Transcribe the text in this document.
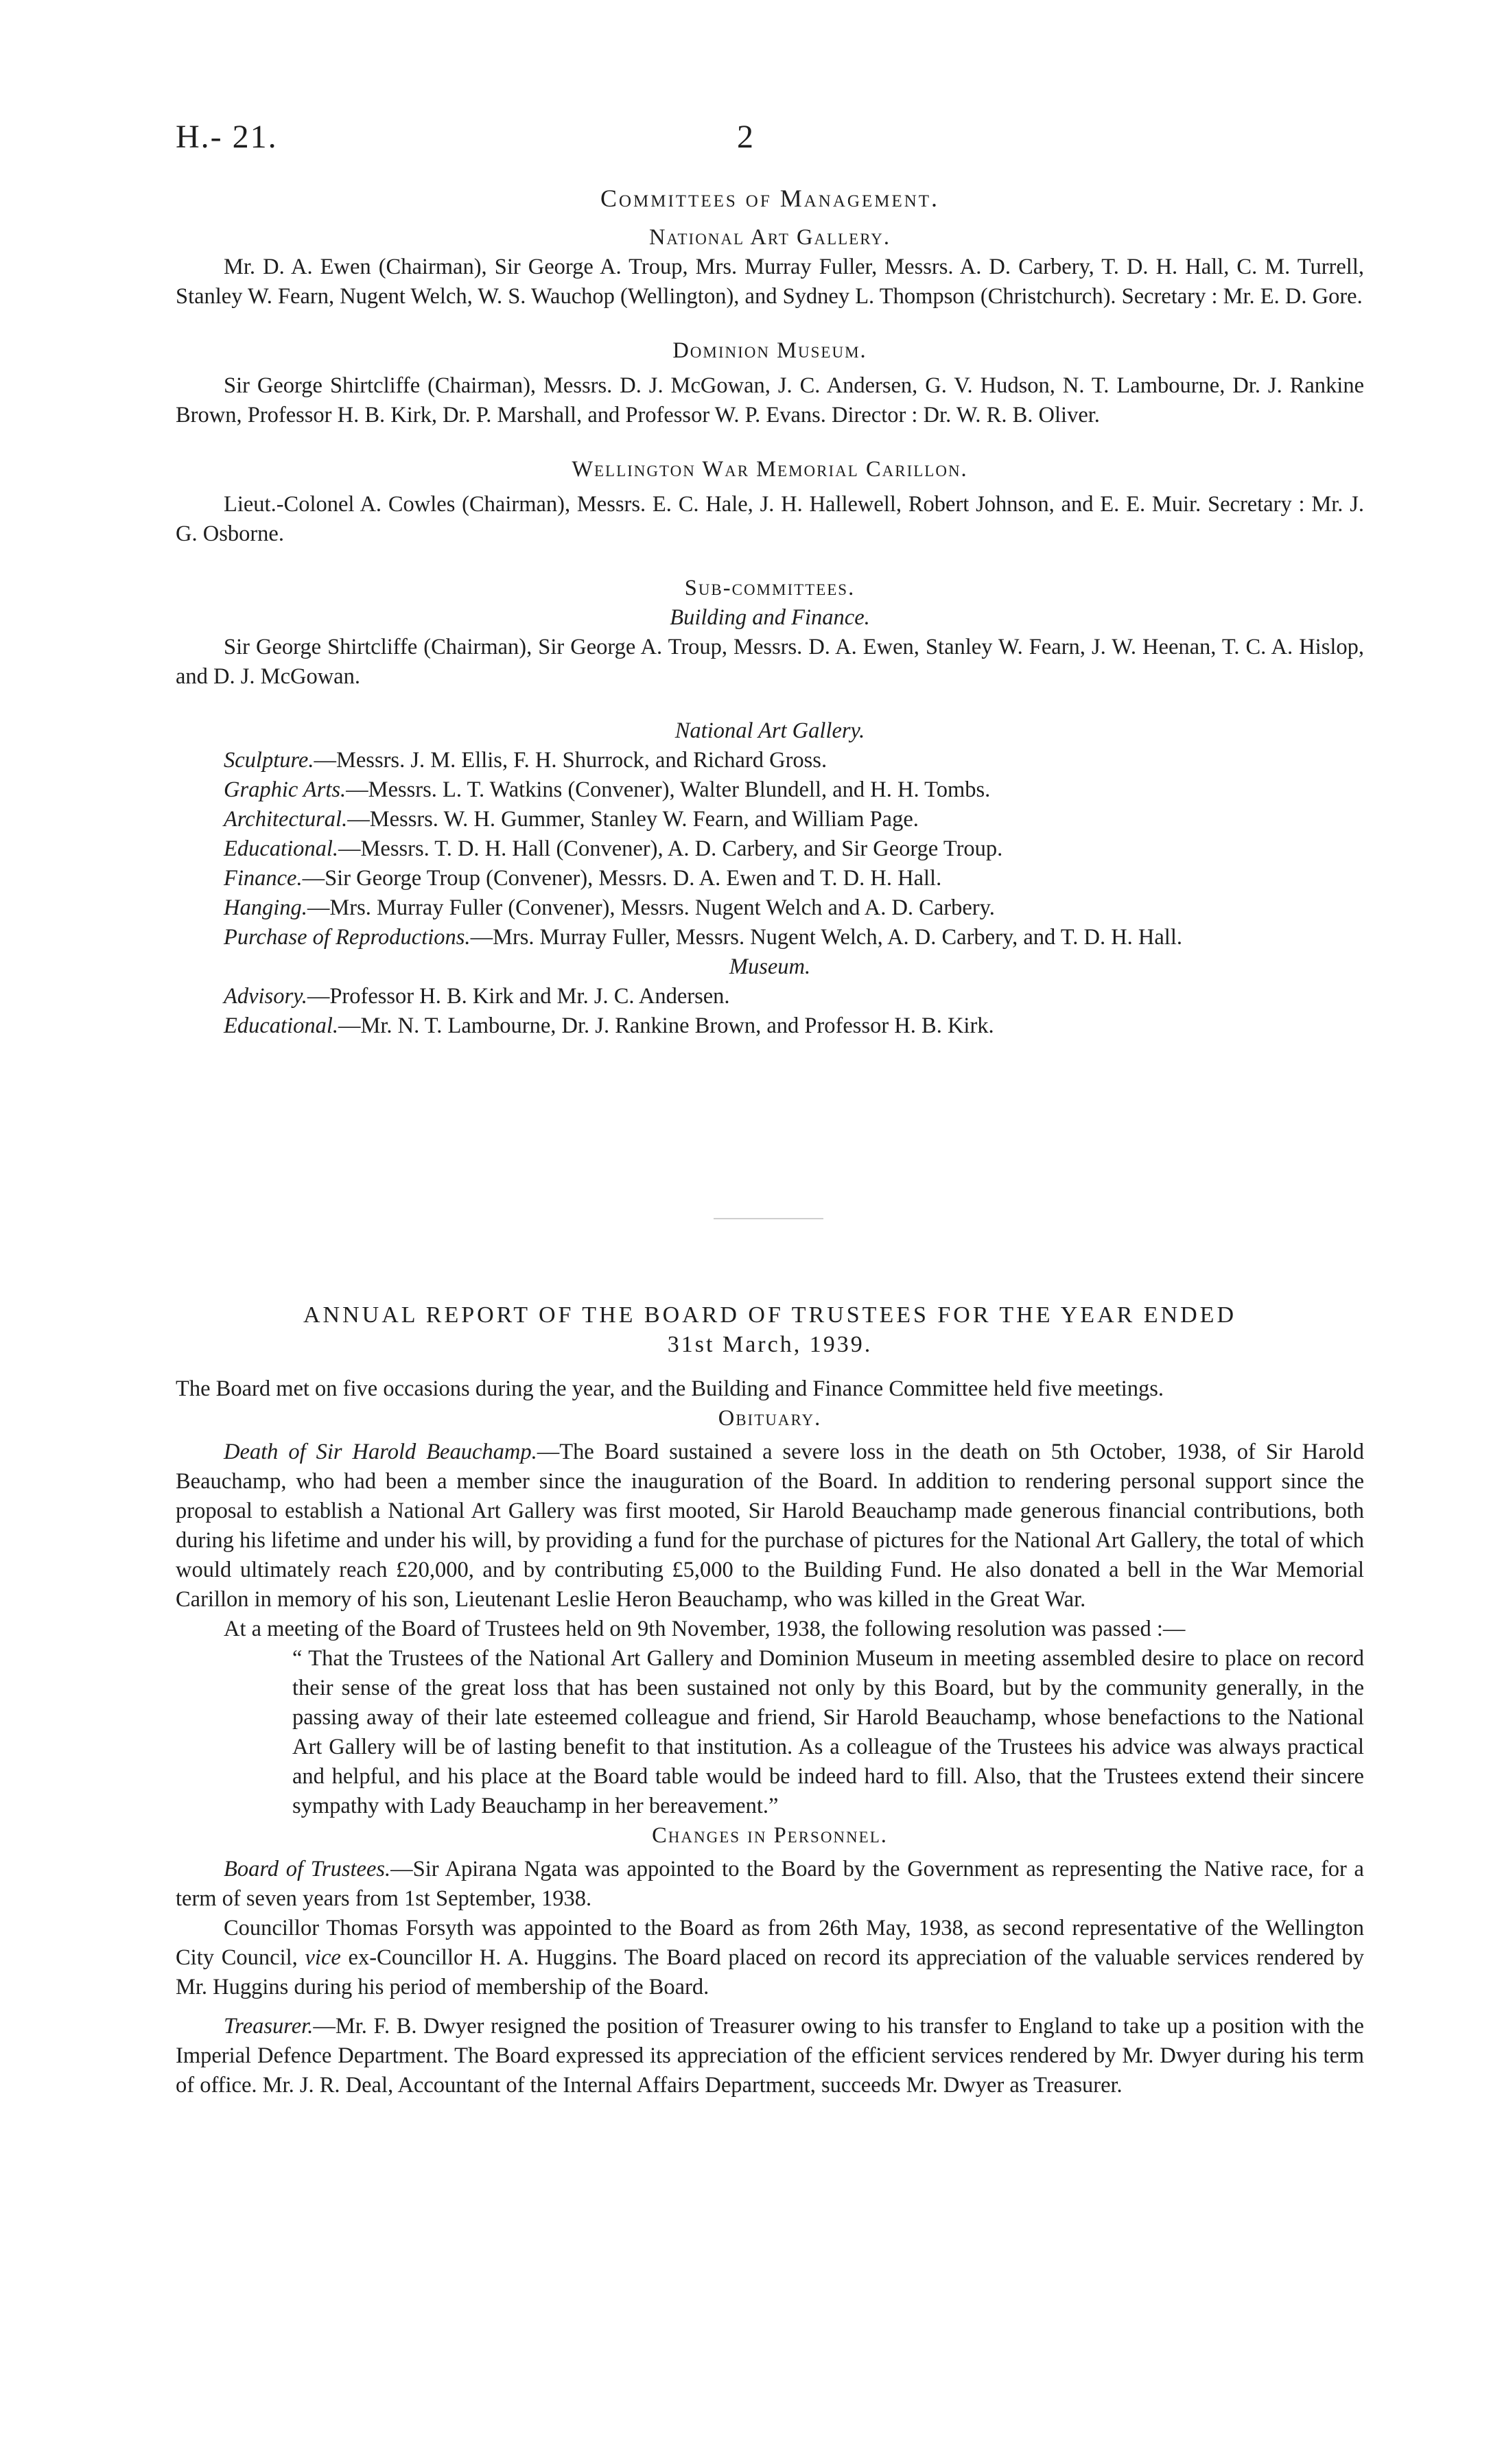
H.- 21.	2

Committees of Management.

National Art Gallery.

Mr. D. A. Ewen (Chairman), Sir George A. Troup, Mrs. Murray Fuller, Messrs. A. D. Carbery, T. D. H. Hall, C. M. Turrell, Stanley W. Fearn, Nugent Welch, W. S. Wauchop (Wellington), and Sydney L. Thompson (Christchurch). Secretary : Mr. E. D. Gore.

Dominion Museum.

Sir George Shirtcliffe (Chairman), Messrs. D. J. McGowan, J. C. Andersen, G. V. Hudson, N. T. Lambourne, Dr. J. Rankine Brown, Professor H. B. Kirk, Dr. P. Marshall, and Professor W. P. Evans. Director : Dr. W. R. B. Oliver.

Wellington War Memorial Carillon.

Lieut.-Colonel A. Cowles (Chairman), Messrs. E. C. Hale, J. H. Hallewell, Robert Johnson, and E. E. Muir. Secretary : Mr. J. G. Osborne.

Sub-committees.

Building and Finance.

Sir George Shirtcliffe (Chairman), Sir George A. Troup, Messrs. D. A. Ewen, Stanley W. Fearn, J. W. Heenan, T. C. A. Hislop, and D. J. McGowan.

National Art Gallery.

Sculpture.—Messrs. J. M. Ellis, F. H. Shurrock, and Richard Gross.

Graphic Arts.—Messrs. L. T. Watkins (Convener), Walter Blundell, and H. H. Tombs.

Architectural.—Messrs. W. H. Gummer, Stanley W. Fearn, and William Page.

Educational.—Messrs. T. D. H. Hall (Convener), A. D. Carbery, and Sir George Troup.

Finance.—Sir George Troup (Convener), Messrs. D. A. Ewen and T. D. H. Hall.

Hanging.—Mrs. Murray Fuller (Convener), Messrs. Nugent Welch and A. D. Carbery.

Purchase of Reproductions.—Mrs. Murray Fuller, Messrs. Nugent Welch, A. D. Carbery, and T. D. H. Hall.

Museum.

Advisory.—Professor H. B. Kirk and Mr. J. C. Andersen.

Educational.—Mr. N. T. Lambourne, Dr. J. Rankine Brown, and Professor H. B. Kirk.

ANNUAL REPORT OF THE BOARD OF TRUSTEES FOR THE YEAR ENDED

31st March, 1939.

The Board met on five occasions during the year, and the Building and Finance Committee held five meetings.

Obituary.

Death of Sir Harold Beauchamp.—The Board sustained a severe loss in the death on 5th October, 1938, of Sir Harold Beauchamp, who had been a member since the inauguration of the Board. In addition to rendering personal support since the proposal to establish a National Art Gallery was first mooted, Sir Harold Beauchamp made generous financial contributions, both during his lifetime and under his will, by providing a fund for the purchase of pictures for the National Art Gallery, the total of which would ultimately reach £20,000, and by contributing £5,000 to the Building Fund. He also donated a bell in the War Memorial Carillon in memory of his son, Lieutenant Leslie Heron Beauchamp, who was killed in the Great War.

At a meeting of the Board of Trustees held on 9th November, 1938, the following resolution was passed :—

“ That the Trustees of the National Art Gallery and Dominion Museum in meeting assembled desire to place on record their sense of the great loss that has been sustained not only by this Board, but by the community generally, in the passing away of their late esteemed colleague and friend, Sir Harold Beauchamp, whose benefactions to the National Art Gallery will be of lasting benefit to that institution. As a colleague of the Trustees his advice was always practical and helpful, and his place at the Board table would be indeed hard to fill. Also, that the Trustees extend their sincere sympathy with Lady Beauchamp in her bereavement.”

Changes in Personnel.

Board of Trustees.—Sir Apirana Ngata was appointed to the Board by the Government as representing the Native race, for a term of seven years from 1st September, 1938.

Councillor Thomas Forsyth was appointed to the Board as from 26th May, 1938, as second representative of the Wellington City Council, vice ex-Councillor H. A. Huggins. The Board placed on record its appreciation of the valuable services rendered by Mr. Huggins during his period of membership of the Board.

Treasurer.—Mr. F. B. Dwyer resigned the position of Treasurer owing to his transfer to England to take up a position with the Imperial Defence Department. The Board expressed its appreciation of the efficient services rendered by Mr. Dwyer during his term of office. Mr. J. R. Deal, Accountant of the Internal Affairs Department, succeeds Mr. Dwyer as Treasurer.
